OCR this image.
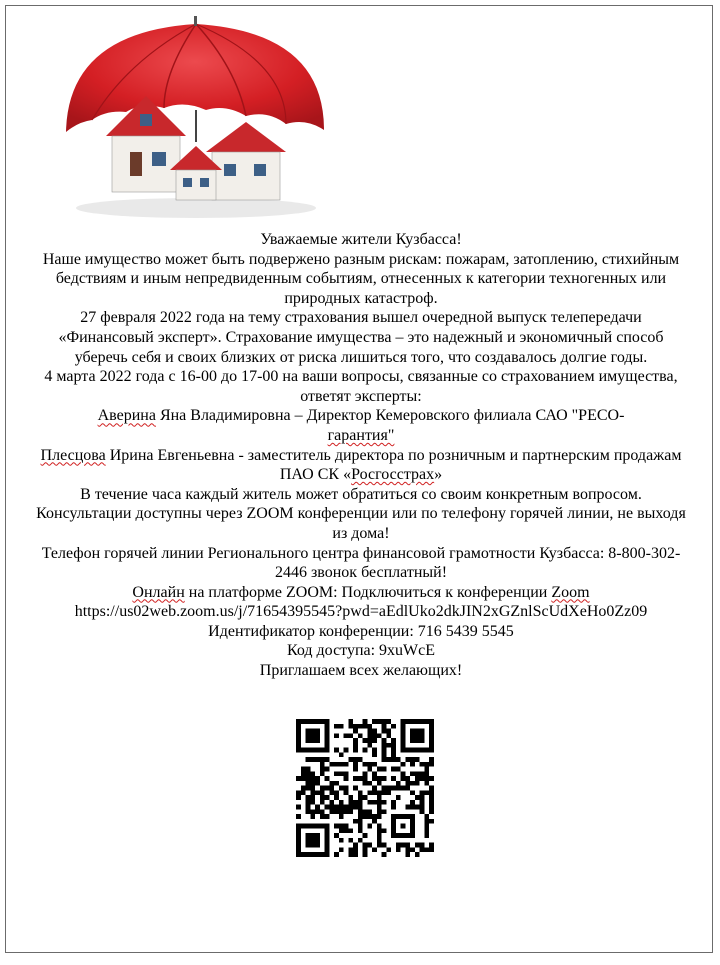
Уважаемые жители Кузбасса!

Наше имущество может быть подвержено разным рискам: пожарам, затоплению, стихийным бедствиям и иным непредвиденным событиям, отнесенных к категории техногенных или природных катастроф.

27 февраля 2022 года на тему страхования вышел очередной выпуск телепередачи «Финансовый эксперт». Страхование имущества – это надежный и экономичный способ уберечь себя и своих близких от риска лишиться того, что создавалось долгие годы.

4 марта 2022 года с 16-00 до 17-00 на ваши вопросы, связанные со страхованием имущества, ответят эксперты:

Аверина Яна Владимировна – Директор Кемеровского филиала САО "РЕСО-
гарантия"

Плесцова Ирина Евгеньевна - заместитель директора по розничным и партнерским продажам ПАО СК «Росгосстрах»

В течение часа каждый житель может обратиться со своим конкретным вопросом.

Консультации доступны через ZOOM конференции или по телефону горячей линии, не выходя из дома!

Телефон горячей линии Регионального центра финансовой грамотности Кузбасса: 8-800-302-2446 звонок бесплатный!

Онлайн на платформе ZOOM: Подключиться к конференции Zoom

https://us02web.zoom.us/j/71654395545?pwd=aEdlUko2dkJIN2xGZnlScUdXeHo0Zz09

Идентификатор конференции: 716 5439 5545

Код доступа: 9xuWcE

Приглашаем всех желающих!
